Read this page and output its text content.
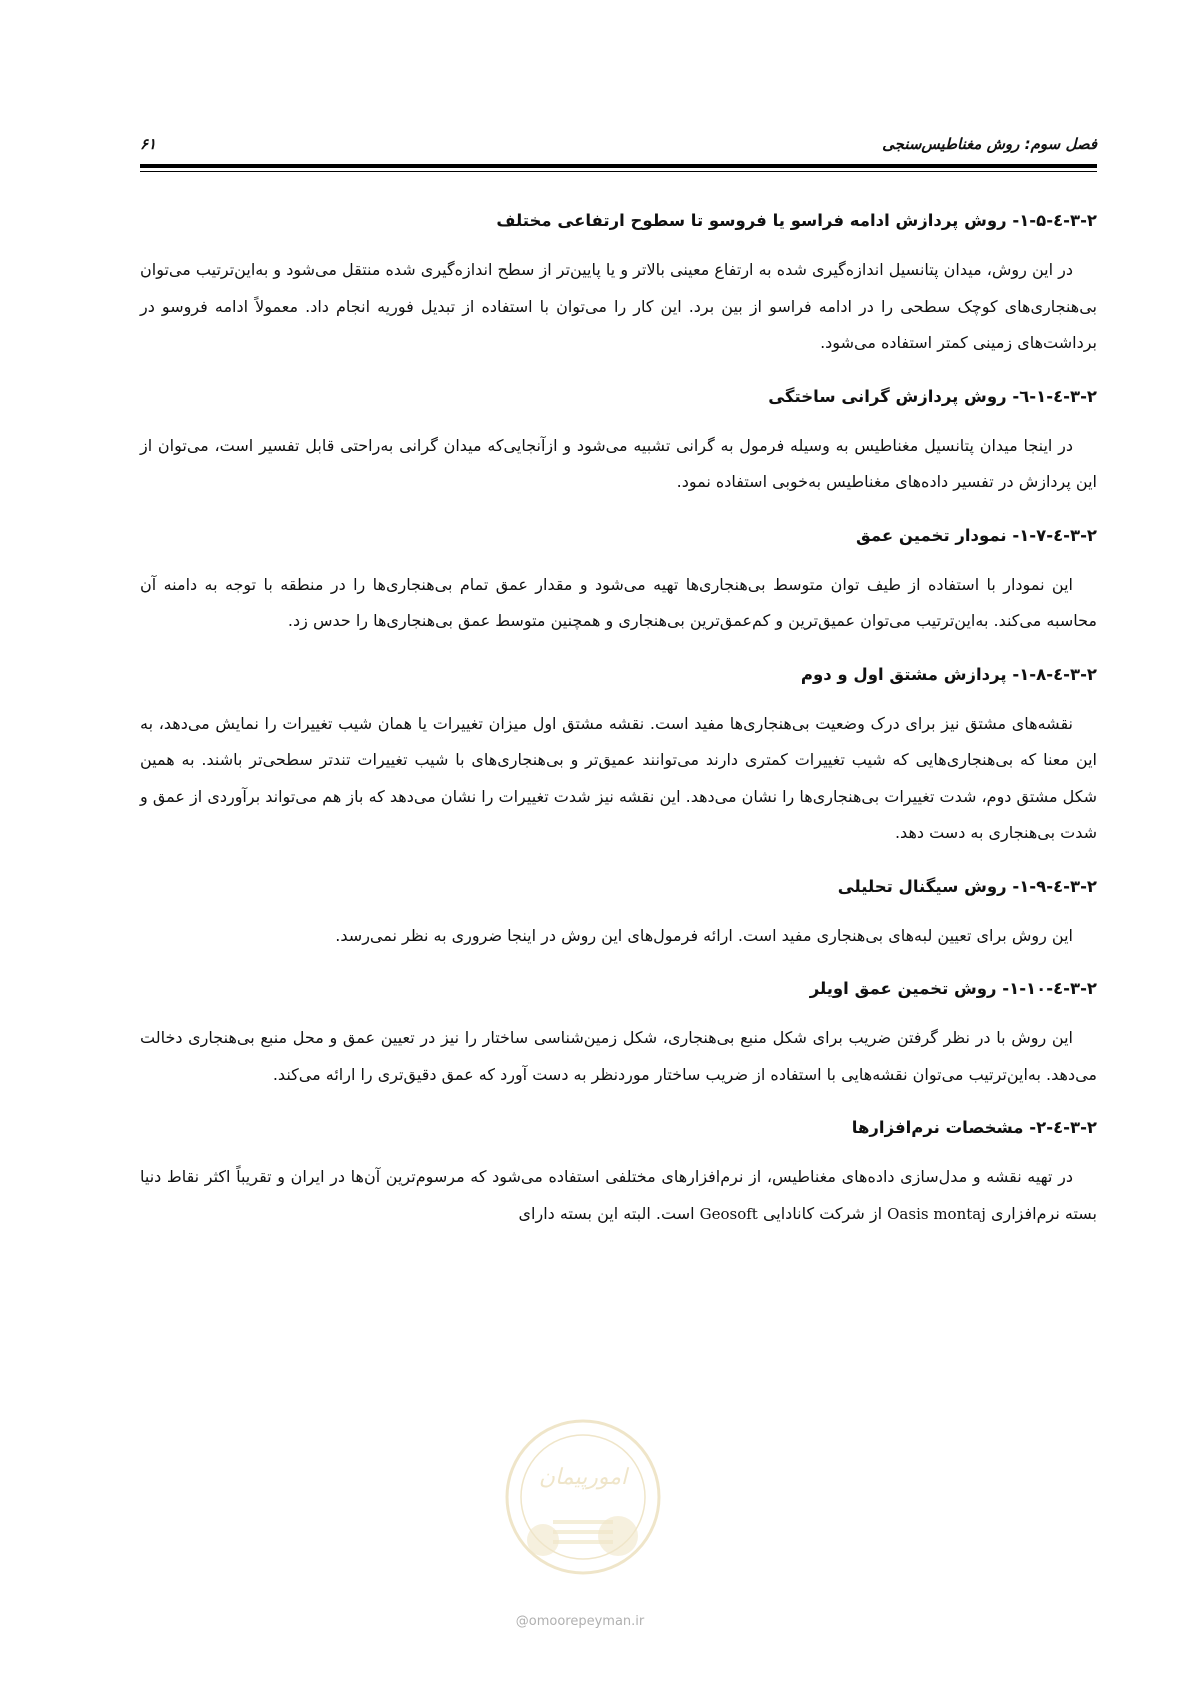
فصل سوم: روش مغناطیس‌سنجی
۶۱
۳-۲-٤-۱-۵- روش پردازش ادامه فراسو یا فروسو تا سطوح ارتفاعی مختلف

در این روش، میدان پتانسیل اندازه‌گیری شده به ارتفاع معینی بالاتر و یا پایین‌تر از سطح اندازه‌گیری شده منتقل می‌شود و به‌این‌ترتیب می‌توان بی‌هنجاری‌های کوچک سطحی را در ادامه فراسو از بین برد. این کار را می‌توان با استفاده از تبدیل فوریه انجام داد. معمولاً ادامه فروسو در برداشت‌های زمینی کمتر استفاده می‌شود.

۳-۲-٤-۱-٦- روش پردازش گرانی ساختگی

در اینجا میدان پتانسیل مغناطیس به وسیله فرمول به گرانی تشبیه می‌شود و ازآنجایی‌که میدان گرانی به‌راحتی قابل تفسیر است، می‌توان از این پردازش در تفسیر داده‌های مغناطیس به‌خوبی استفاده نمود.

۳-۲-٤-۱-۷- نمودار تخمین عمق

این نمودار با استفاده از طیف توان متوسط بی‌هنجاری‌ها تهیه می‌شود و مقدار عمق تمام بی‌هنجاری‌ها را در منطقه با توجه به دامنه آن محاسبه می‌کند. به‌این‌ترتیب می‌توان عمیق‌ترین و کم‌عمق‌ترین بی‌هنجاری و همچنین متوسط عمق بی‌هنجاری‌ها را حدس زد.

۳-۲-٤-۱-۸- پردازش مشتق اول و دوم

نقشه‌های مشتق نیز برای درک وضعیت بی‌هنجاری‌ها مفید است. نقشه مشتق اول میزان تغییرات یا همان شیب تغییرات را نمایش می‌دهد، به این معنا که بی‌هنجاری‌هایی که شیب تغییرات کمتری دارند می‌توانند عمیق‌تر و بی‌هنجاری‌های با شیب تغییرات تندتر سطحی‌تر باشند. به همین شکل مشتق دوم، شدت تغییرات بی‌هنجاری‌ها را نشان می‌دهد. این نقشه نیز شدت تغییرات را نشان می‌دهد که باز هم می‌تواند برآوردی از عمق و شدت بی‌هنجاری به دست دهد.

۳-۲-٤-۱-۹- روش سیگنال تحلیلی

این روش برای تعیین لبه‌های بی‌هنجاری مفید است. ارائه فرمول‌های این روش در اینجا ضروری به نظر نمی‌رسد.

۳-۲-٤-۱-۱۰- روش تخمین عمق اویلر

این روش با در نظر گرفتن ضریب برای شکل منبع بی‌هنجاری، شکل زمین‌شناسی ساختار را نیز در تعیین عمق و محل منبع بی‌هنجاری دخالت می‌دهد. به‌این‌ترتیب می‌توان نقشه‌هایی با استفاده از ضریب ساختار موردنظر به دست آورد که عمق دقیق‌تری را ارائه می‌کند.

۳-۲-٤-۲- مشخصات نرم‌افزارها

در تهیه نقشه و مدل‌سازی داده‌های مغناطیس، از نرم‌افزارهای مختلفی استفاده می‌شود که مرسوم‌ترین آن‌ها در ایران و تقریباً اکثر نقاط دنیا بسته نرم‌افزاری Oasis montaj از شرکت کانادایی Geosoft است. البته این بسته دارای

امورپیمان
@omoorepeyman.ir
